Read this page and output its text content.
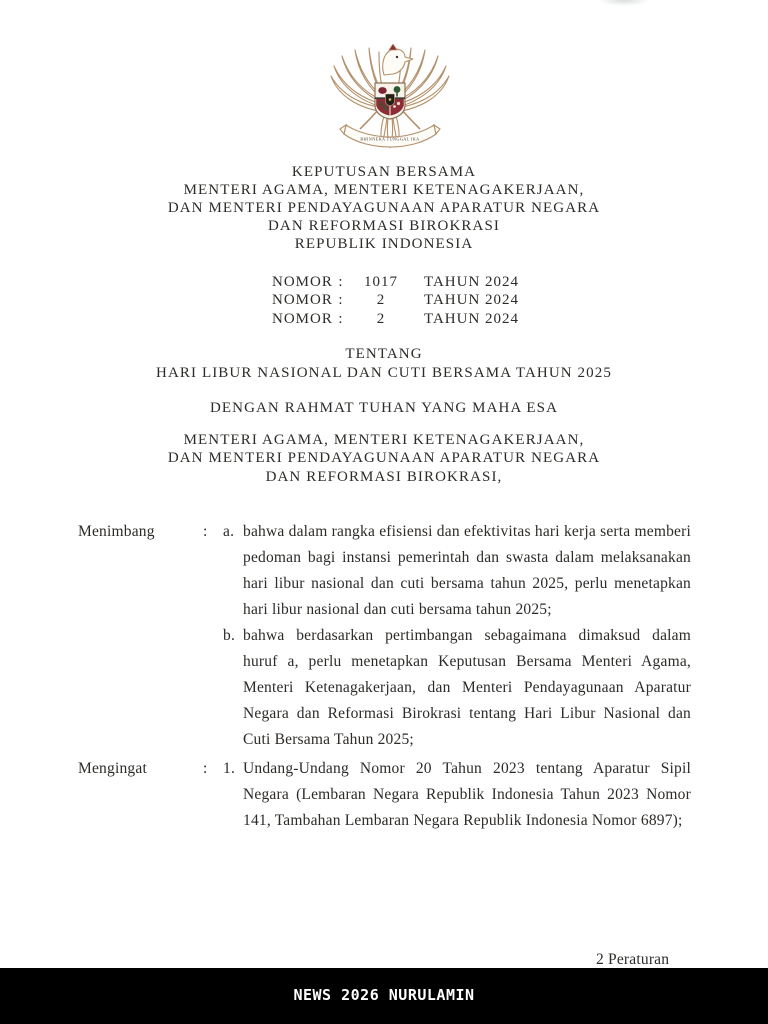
BHINNEKA TUNGGAL IKA
KEPUTUSAN BERSAMA
MENTERI AGAMA, MENTERI KETENAGAKERJAAN,
DAN MENTERI PENDAYAGUNAAN APARATUR NEGARA
DAN REFORMASI BIROKRASI
REPUBLIK INDONESIA
NOMOR :	1017	TAHUN 2024
NOMOR :	2	TAHUN 2024
NOMOR :	2	TAHUN 2024
TENTANG
HARI LIBUR NASIONAL DAN CUTI BERSAMA TAHUN 2025
DENGAN RAHMAT TUHAN YANG MAHA ESA
MENTERI AGAMA, MENTERI KETENAGAKERJAAN,
DAN MENTERI PENDAYAGUNAAN APARATUR NEGARA
DAN REFORMASI BIROKRASI,
Menimbang	: a. bahwa dalam rangka efisiensi dan efektivitas hari kerja serta memberi pedoman bagi instansi pemerintah dan swasta dalam melaksanakan hari libur nasional dan cuti bersama tahun 2025, perlu menetapkan hari libur nasional dan cuti bersama tahun 2025;

b. bahwa berdasarkan pertimbangan sebagaimana dimaksud dalam huruf a, perlu menetapkan Keputusan Bersama Menteri Agama, Menteri Ketenagakerjaan, dan Menteri Pendayagunaan Aparatur Negara dan Reformasi Birokrasi tentang Hari Libur Nasional dan Cuti Bersama Tahun 2025;

Mengingat	: 1. Undang-Undang Nomor 20 Tahun 2023 tentang Aparatur Sipil Negara (Lembaran Negara Republik Indonesia Tahun 2023 Nomor 141, Tambahan Lembaran Negara Republik Indonesia Nomor 6897);

2 Peraturan
NEWS 2026 NURULAMIN
